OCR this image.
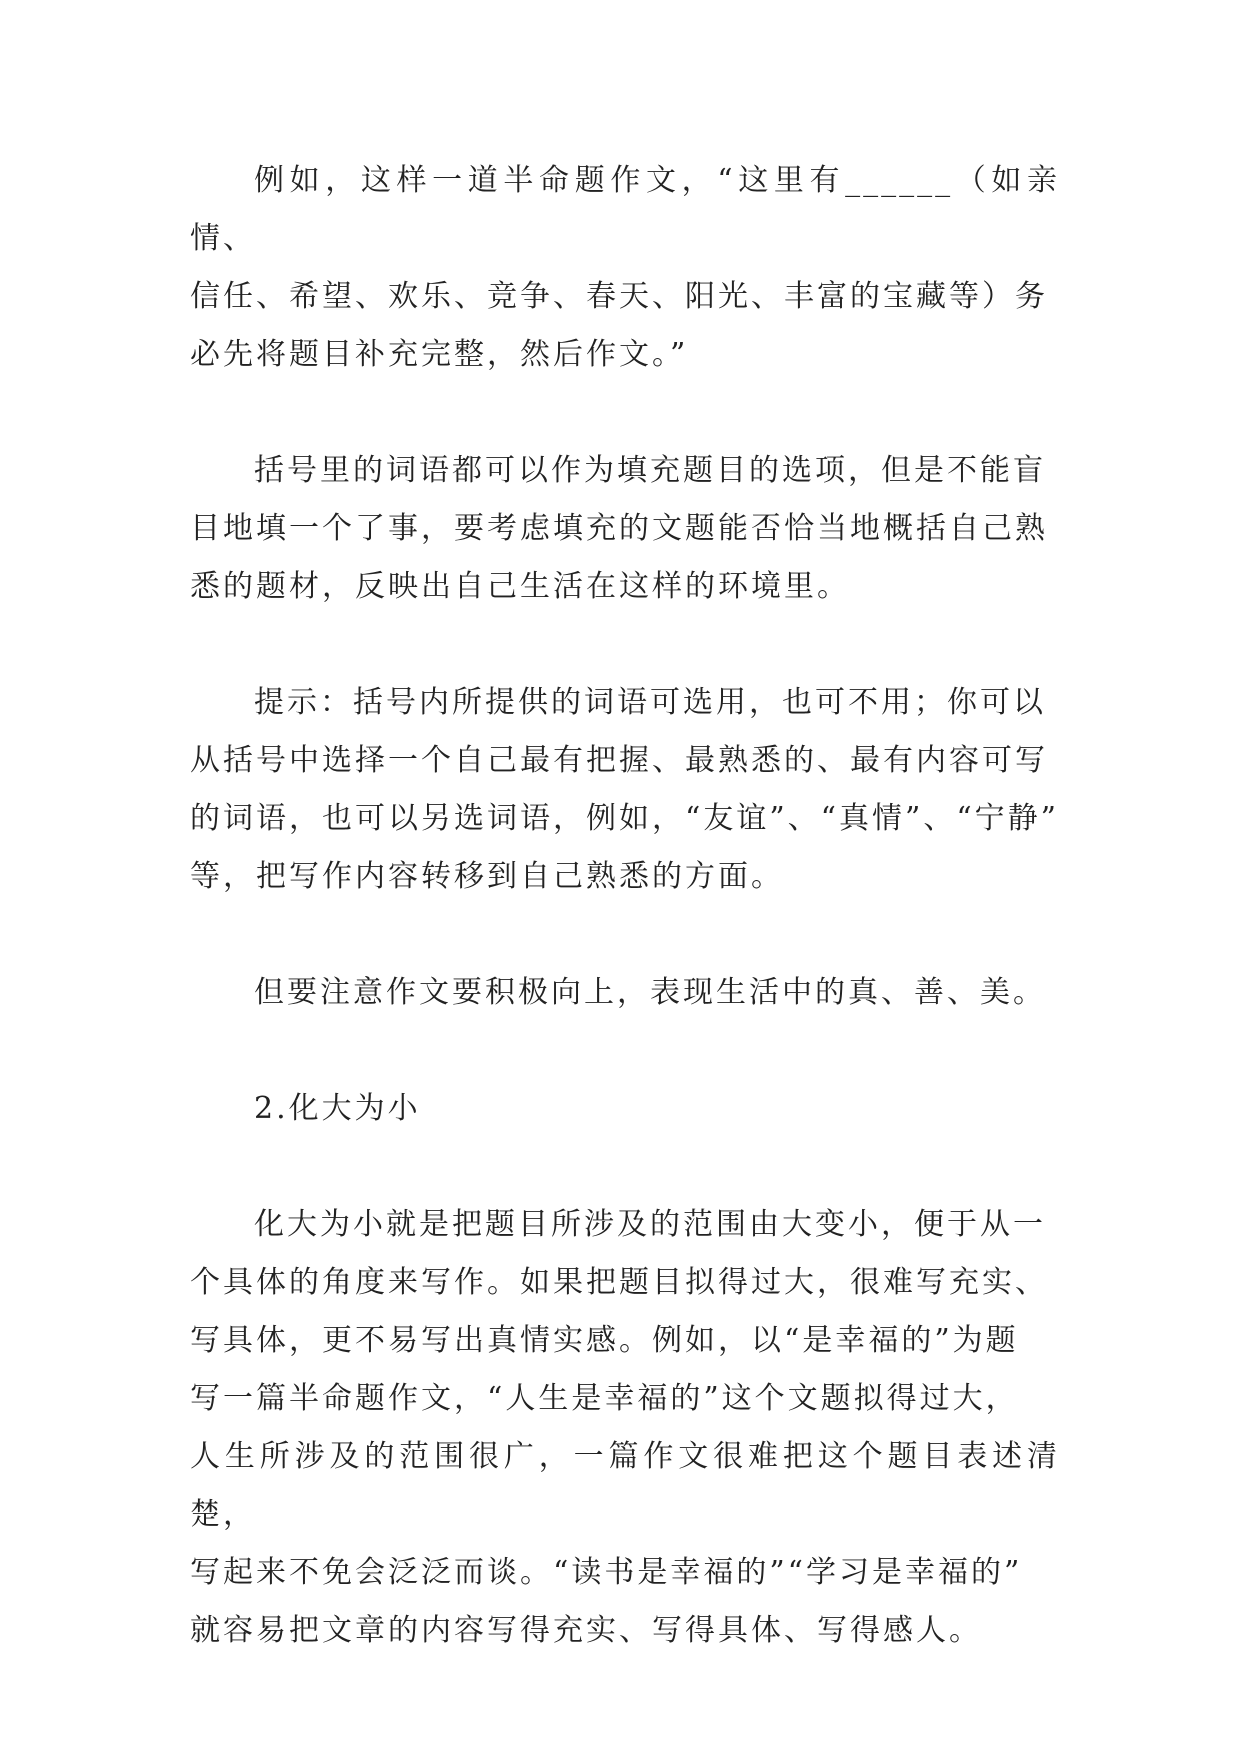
例如，这样一道半命题作文，“这里有______（如亲情、
信任、希望、欢乐、竞争、春天、阳光、丰富的宝藏等）务
必先将题目补充完整，然后作文。”
括号里的词语都可以作为填充题目的选项，但是不能盲
目地填一个了事，要考虑填充的文题能否恰当地概括自己熟
悉的题材，反映出自己生活在这样的环境里。
提示：括号内所提供的词语可选用，也可不用；你可以
从括号中选择一个自己最有把握、最熟悉的、最有内容可写
的词语，也可以另选词语，例如，“友谊”、“真情”、“宁静”
等，把写作内容转移到自己熟悉的方面。
但要注意作文要积极向上，表现生活中的真、善、美。
2.化大为小
化大为小就是把题目所涉及的范围由大变小，便于从一
个具体的角度来写作。如果把题目拟得过大，很难写充实、
写具体，更不易写出真情实感。例如，以“是幸福的”为题
写一篇半命题作文，“人生是幸福的”这个文题拟得过大，
人生所涉及的范围很广，一篇作文很难把这个题目表述清楚，
写起来不免会泛泛而谈。“读书是幸福的”“学习是幸福的”
就容易把文章的内容写得充实、写得具体、写得感人。
